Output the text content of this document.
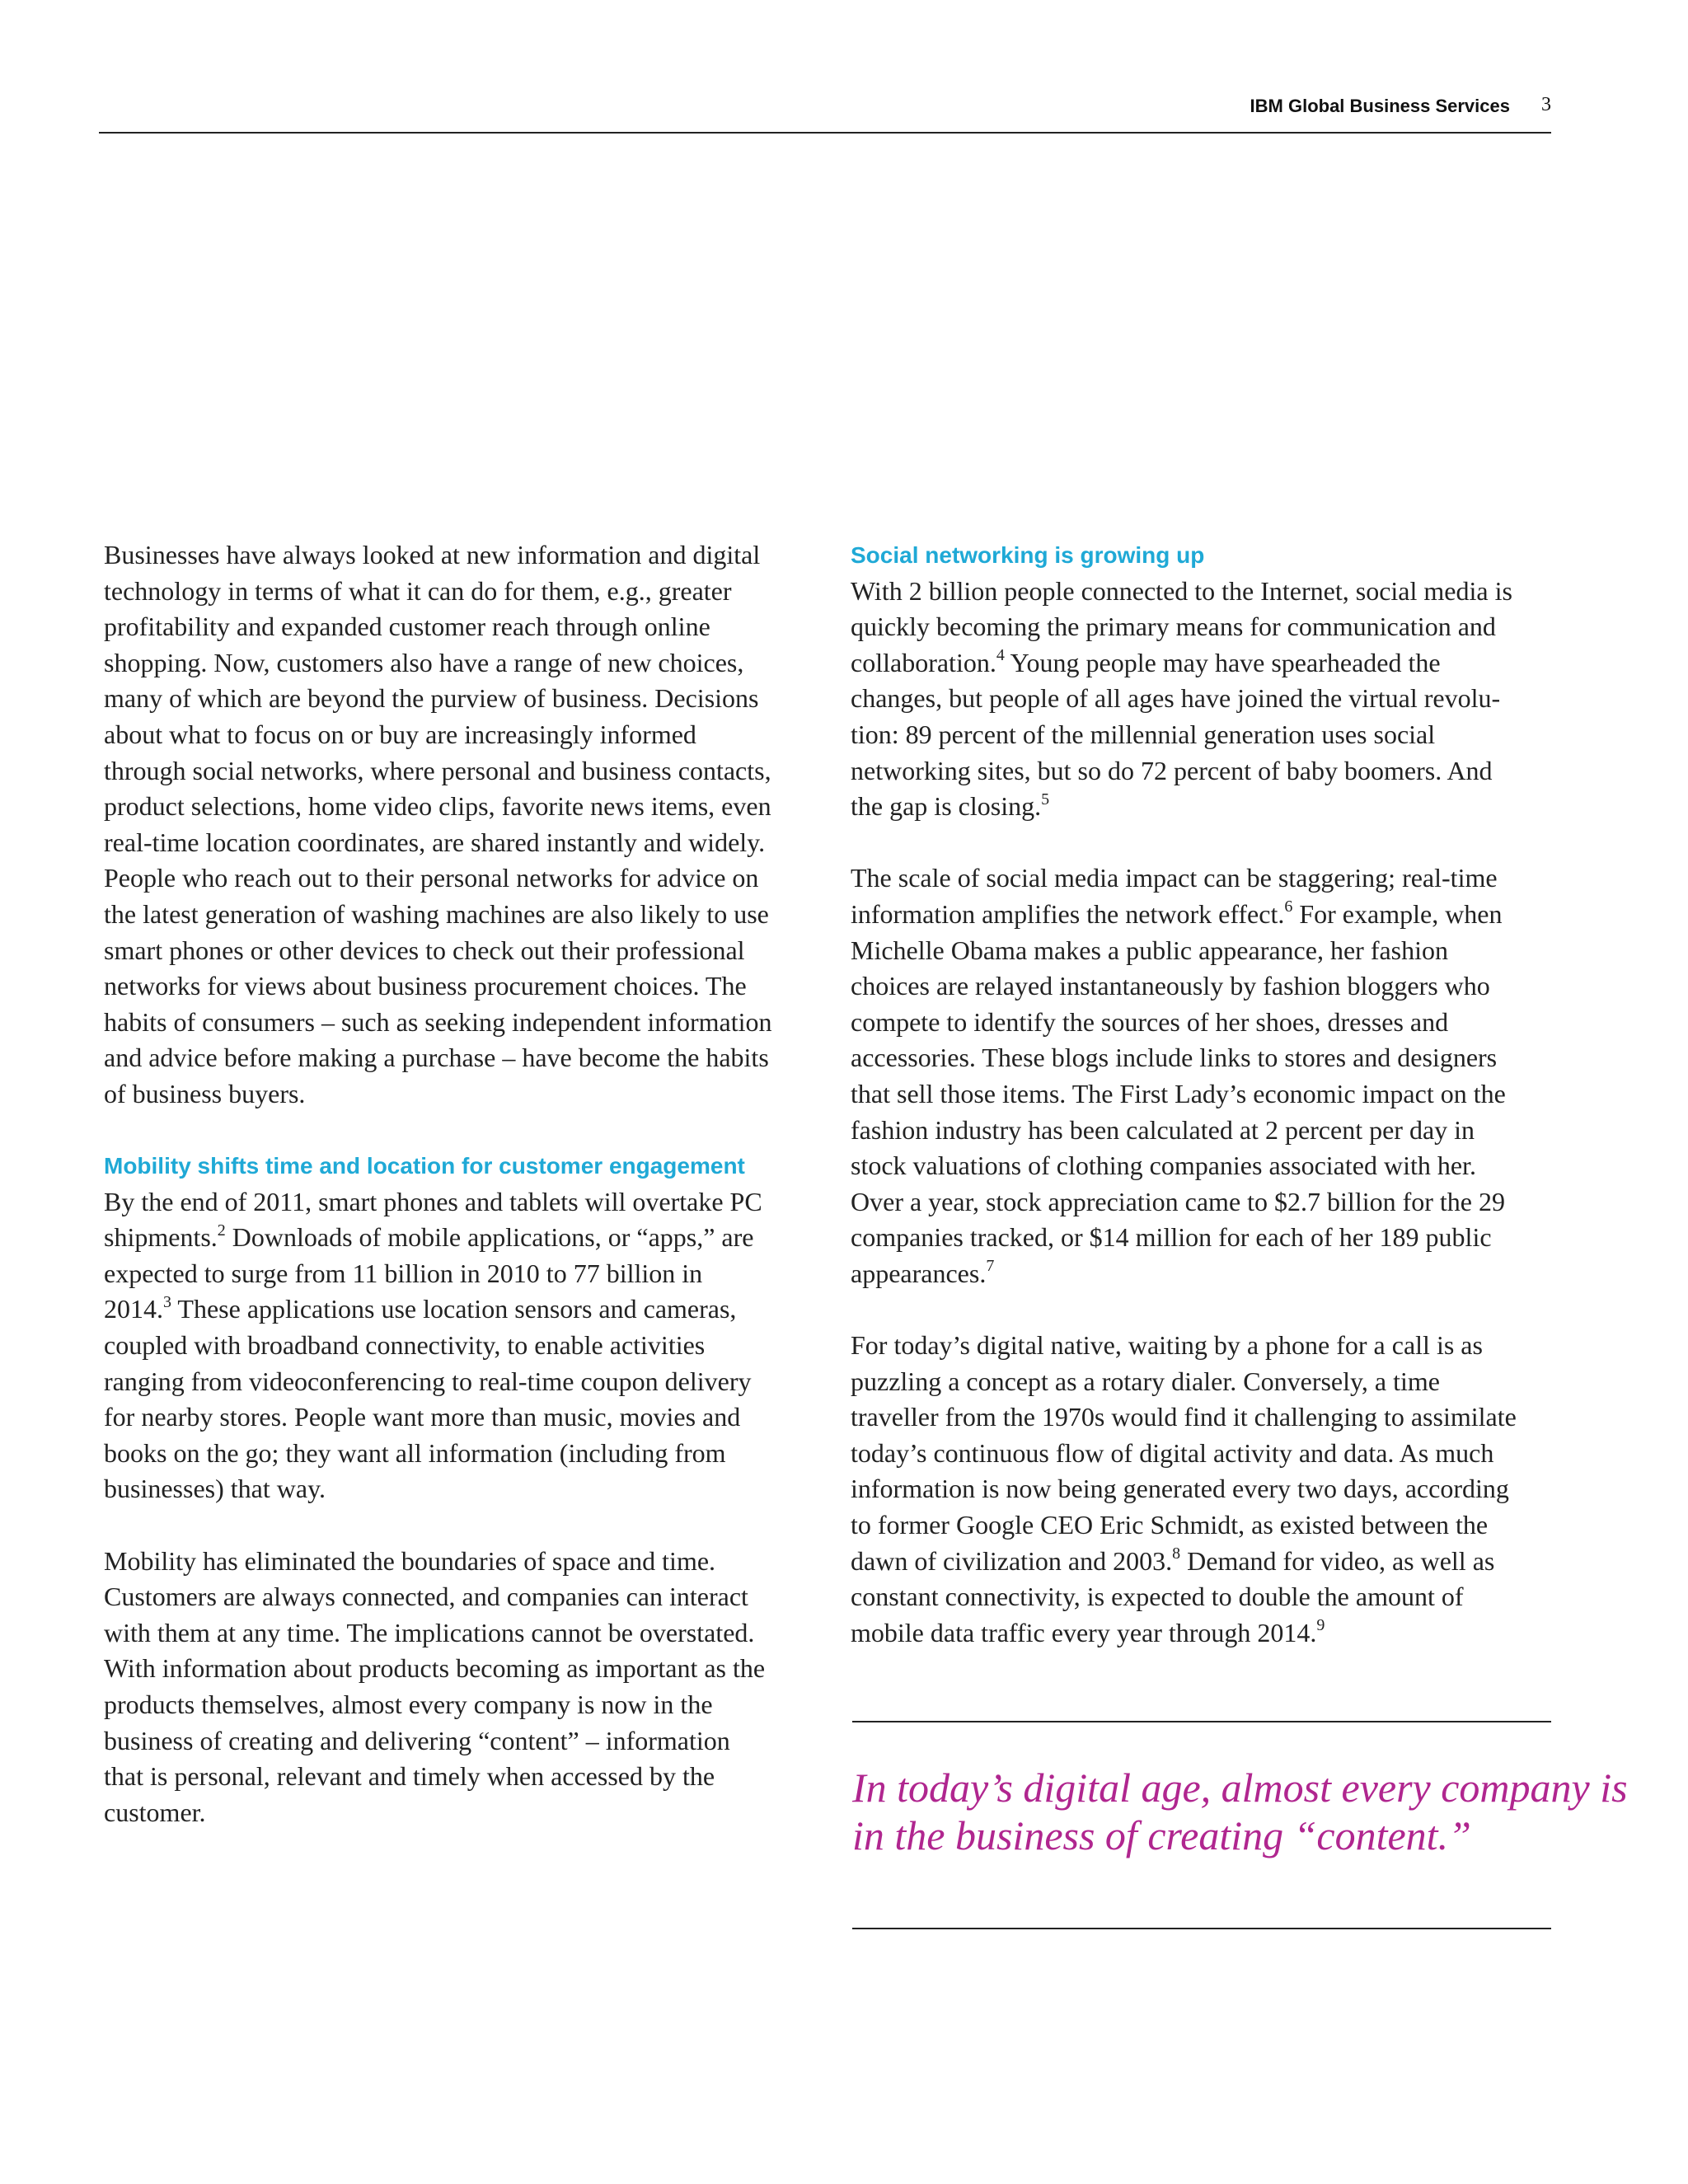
IBM Global Business Services 3

Businesses have always looked at new information and digital
technology in terms of what it can do for them, e.g., greater
profitability and expanded customer reach through online
shopping. Now, customers also have a range of new choices,
many of which are beyond the purview of business. Decisions
about what to focus on or buy are increasingly informed
through social networks, where personal and business contacts,
product selections, home video clips, favorite news items, even
real-time location coordinates, are shared instantly and widely.
People who reach out to their personal networks for advice on
the latest generation of washing machines are also likely to use
smart phones or other devices to check out their professional
networks for views about business procurement choices. The
habits of consumers – such as seeking independent information
and advice before making a purchase – have become the habits
of business buyers.

Mobility shifts time and location for customer engagement

By the end of 2011, smart phones and tablets will overtake PC
shipments.$^2$ Downloads of mobile applications, or “apps,” are
expected to surge from 11 billion in 2010 to 77 billion in
2014.$^3$ These applications use location sensors and cameras,
coupled with broadband connectivity, to enable activities
ranging from videoconferencing to real-time coupon delivery
for nearby stores. People want more than music, movies and
books on the go; they want all information (including from
businesses) that way.

Mobility has eliminated the boundaries of space and time.
Customers are always connected, and companies can interact
with them at any time. The implications cannot be overstated.
With information about products becoming as important as the
products themselves, almost every company is now in the
business of creating and delivering “content” – information
that is personal, relevant and timely when accessed by the
customer.

Social networking is growing up

With 2 billion people connected to the Internet, social media is
quickly becoming the primary means for communication and
collaboration.$^4$ Young people may have spearheaded the
changes, but people of all ages have joined the virtual revolu-
tion: 89 percent of the millennial generation uses social
networking sites, but so do 72 percent of baby boomers. And
the gap is closing.$^5$

The scale of social media impact can be staggering; real-time
information amplifies the network effect.$^6$ For example, when
Michelle Obama makes a public appearance, her fashion
choices are relayed instantaneously by fashion bloggers who
compete to identify the sources of her shoes, dresses and
accessories. These blogs include links to stores and designers
that sell those items. The First Lady’s economic impact on the
fashion industry has been calculated at 2 percent per day in
stock valuations of clothing companies associated with her.
Over a year, stock appreciation came to $2.7 billion for the 29
companies tracked, or $14 million for each of her 189 public
appearances.$^7$

For today’s digital native, waiting by a phone for a call is as
puzzling a concept as a rotary dialer. Conversely, a time
traveller from the 1970s would find it challenging to assimilate
today’s continuous flow of digital activity and data. As much
information is now being generated every two days, according
to former Google CEO Eric Schmidt, as existed between the
dawn of civilization and 2003.$^8$ Demand for video, as well as
constant connectivity, is expected to double the amount of
mobile data traffic every year through 2014.$^9$

In today’s digital age, almost every company is
in the business of creating “content.”
